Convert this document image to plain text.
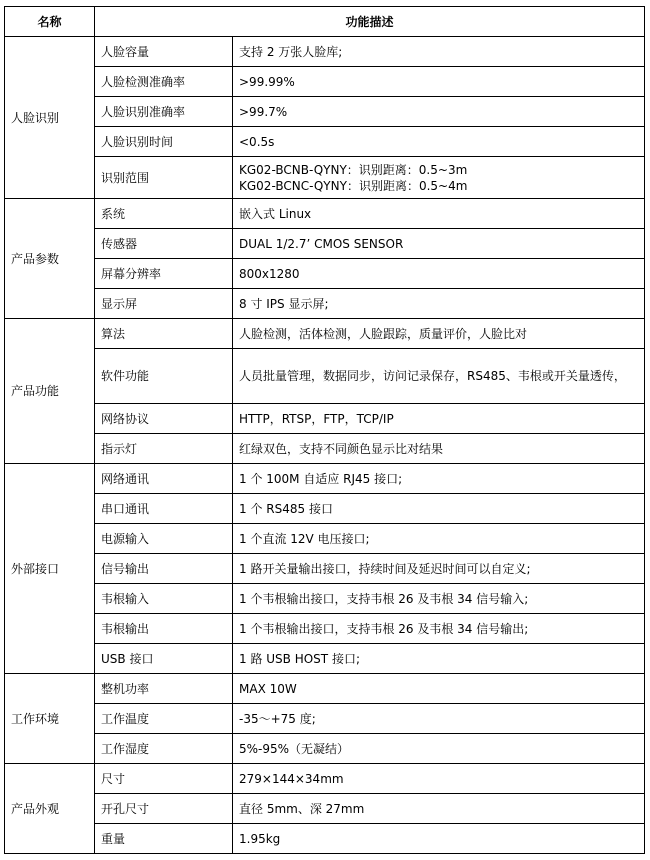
名称	功能描述	
人脸识别	人脸容量	支持 2 万张人脸库;
	人脸检测准确率	>99.99%
	人脸识别准确率	>99.7%
	人脸识别时间	<0.5s
	识别范围	KG02-BCNB-QYNY：识别距离：0.5~3m
KG02-BCNC-QYNY：识别距离：0.5~4m

产品参数	系统	嵌入式 Linux
	传感器	DUAL 1/2.7’ CMOS SENSOR
	屏幕分辨率	800x1280
	显示屏	8 寸 IPS 显示屏;
产品功能	算法	人脸检测，活体检测，人脸跟踪，质量评价，人脸比对
	软件功能	人员批量管理，数据同步，访问记录保存，RS485、韦根或开关量透传，
	网络协议	HTTP，RTSP，FTP，TCP/IP
	指示灯	红绿双色，支持不同颜色显示比对结果
外部接口	网络通讯	1 个 100M 自适应 RJ45 接口;
	串口通讯	1 个 RS485 接口
	电源输入	1 个直流 12V 电压接口;
	信号输出	1 路开关量输出接口，持续时间及延迟时间可以自定义;
	韦根输入	1 个韦根输出接口，支持韦根 26 及韦根 34 信号输入;
	韦根输出	1 个韦根输出接口，支持韦根 26 及韦根 34 信号输出;
	USB 接口	1 路 USB HOST 接口;
工作环境	整机功率	MAX 10W
	工作温度	-35～+75 度;
	工作湿度	5%-95%（无凝结）
产品外观	尺寸	279×144×34mm
	开孔尺寸	直径 5mm、深 27mm
	重量	1.95kg
